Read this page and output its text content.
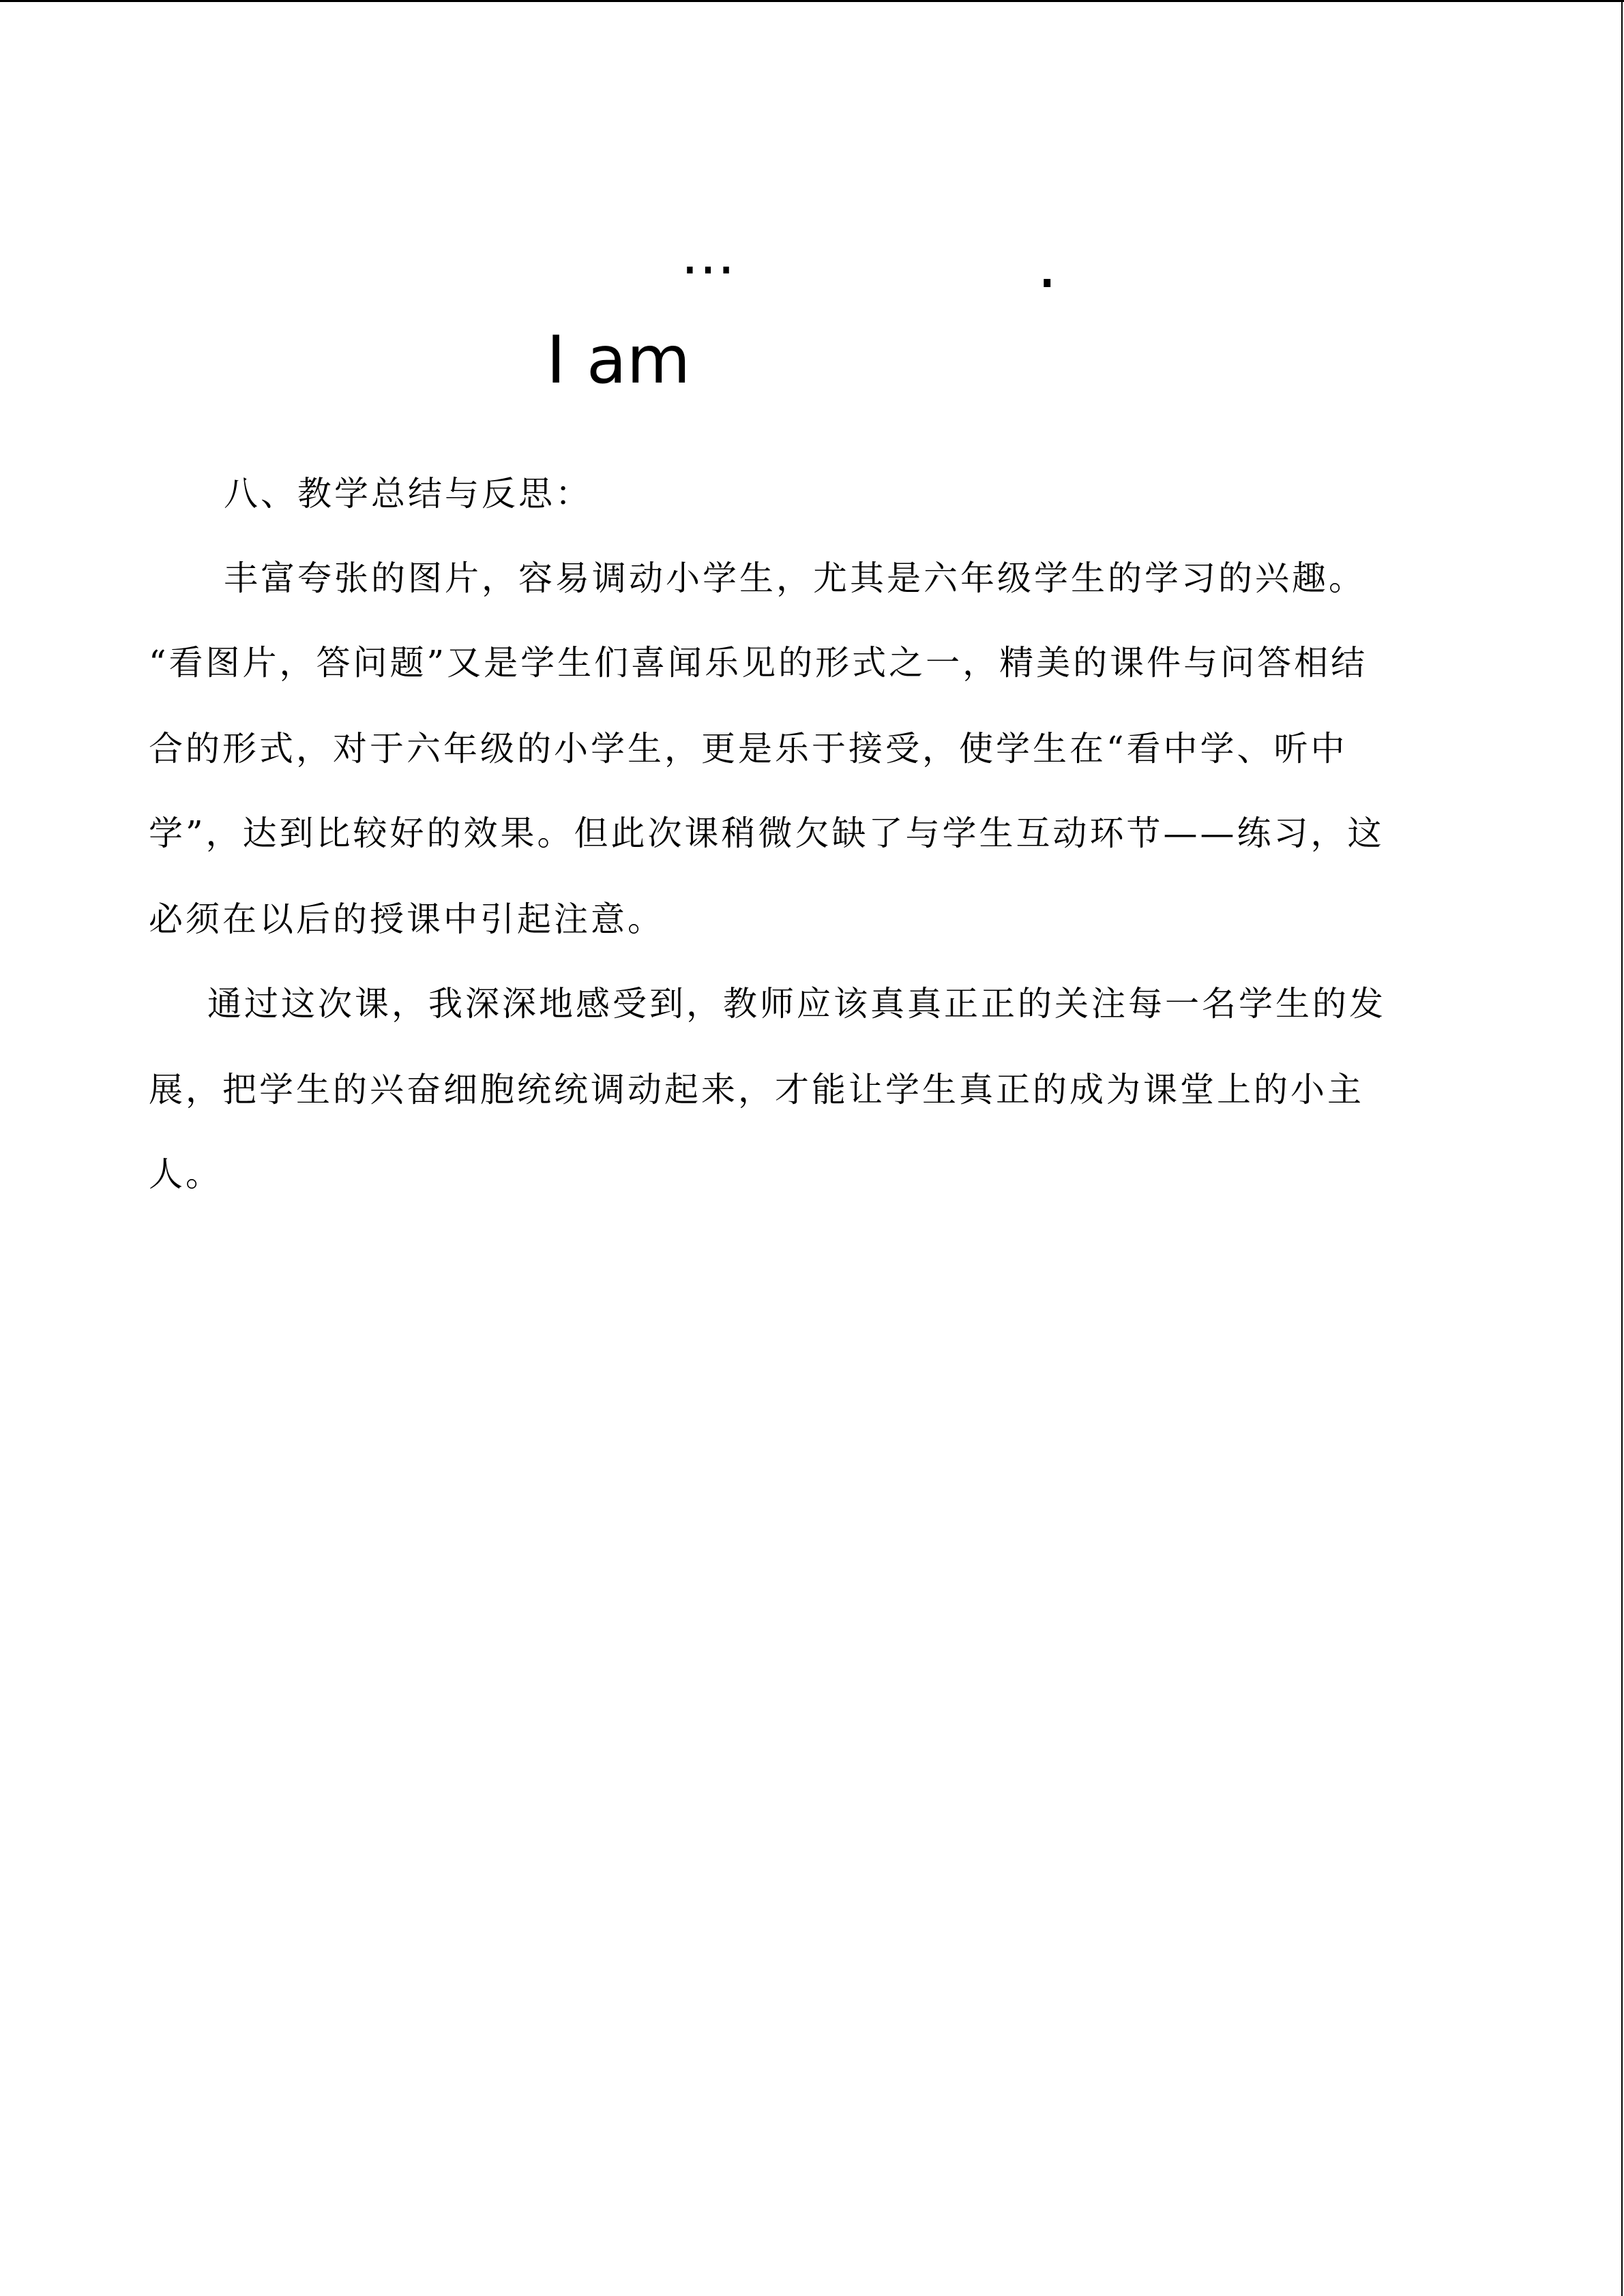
I am

…

	.

八、教学总结与反思：
丰富夸张的图片，容易调动小学生，尤其是六年级学生的学习的兴趣。
“看图片，答问题”又是学生们喜闻乐见的形式之一，精美的课件与问答相结
合的形式，对于六年级的小学生，更是乐于接受，使学生在“看中学、听中
学”，达到比较好的效果。但此次课稍微欠缺了与学生互动环节——练习，这
必须在以后的授课中引起注意。
通过这次课，我深深地感受到，教师应该真真正正的关注每一名学生的发
展，把学生的兴奋细胞统统调动起来，才能让学生真正的成为课堂上的小主
人。
